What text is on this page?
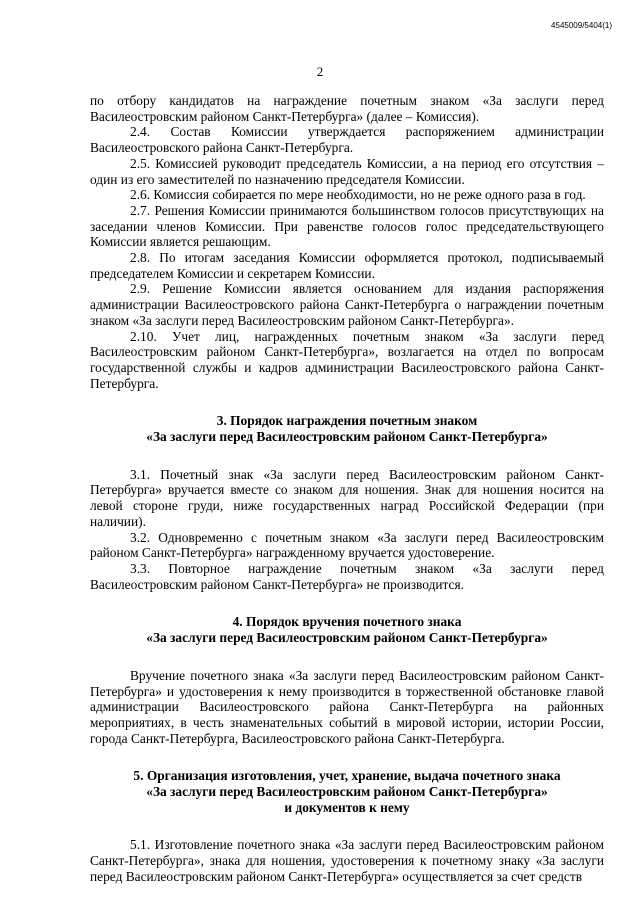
4545009/5404(1)
2

по отбору кандидатов на награждение почетным знаком «За заслуги перед Василеостровским районом Санкт-Петербурга» (далее – Комиссия).

2.4. Состав Комиссии утверждается распоряжением администрации Василеостровского района Санкт-Петербурга.

2.5. Комиссией руководит председатель Комиссии, а на период его отсутствия – один из его заместителей по назначению председателя Комиссии.

2.6. Комиссия собирается по мере необходимости, но не реже одного раза в год.

2.7. Решения Комиссии принимаются большинством голосов присутствующих на заседании членов Комиссии. При равенстве голосов голос председательствующего Комиссии является решающим.

2.8. По итогам заседания Комиссии оформляется протокол, подписываемый председателем Комиссии и секретарем Комиссии.

2.9. Решение Комиссии является основанием для издания распоряжения администрации Василеостровского района Санкт-Петербурга о награждении почетным знаком «За заслуги перед Василеостровским районом Санкт-Петербурга».

2.10. Учет лиц, награжденных почетным знаком «За заслуги перед Василеостровским районом Санкт-Петербурга», возлагается на отдел по вопросам государственной службы и кадров администрации Василеостровского района Санкт-Петербурга.

3. Порядок награждения почетным знаком
«За заслуги перед Василеостровским районом Санкт-Петербурга»

3.1. Почетный знак «За заслуги перед Василеостровским районом Санкт-Петербурга» вручается вместе со знаком для ношения. Знак для ношения носится на левой стороне груди, ниже государственных наград Российской Федерации (при наличии).

3.2. Одновременно с почетным знаком «За заслуги перед Василеостровским районом Санкт-Петербурга» награжденному вручается удостоверение.

3.3. Повторное награждение почетным знаком «За заслуги перед Василеостровским районом Санкт-Петербурга» не производится.

4. Порядок вручения почетного знака
«За заслуги перед Василеостровским районом Санкт-Петербурга»

Вручение почетного знака «За заслуги перед Василеостровским районом Санкт-Петербурга» и удостоверения к нему производится в торжественной обстановке главой администрации Василеостровского района Санкт-Петербурга на районных мероприятиях, в честь знаменательных событий в мировой истории, истории России, города Санкт-Петербурга, Василеостровского района Санкт-Петербурга.

5. Организация изготовления, учет, хранение, выдача почетного знака
«За заслуги перед Василеостровским районом Санкт-Петербурга»
и документов к нему

5.1. Изготовление почетного знака «За заслуги перед Василеостровским районом Санкт-Петербурга», знака для ношения, удостоверения к почетному знаку «За заслуги перед Василеостровским районом Санкт-Петербурга» осуществляется за счет средств
